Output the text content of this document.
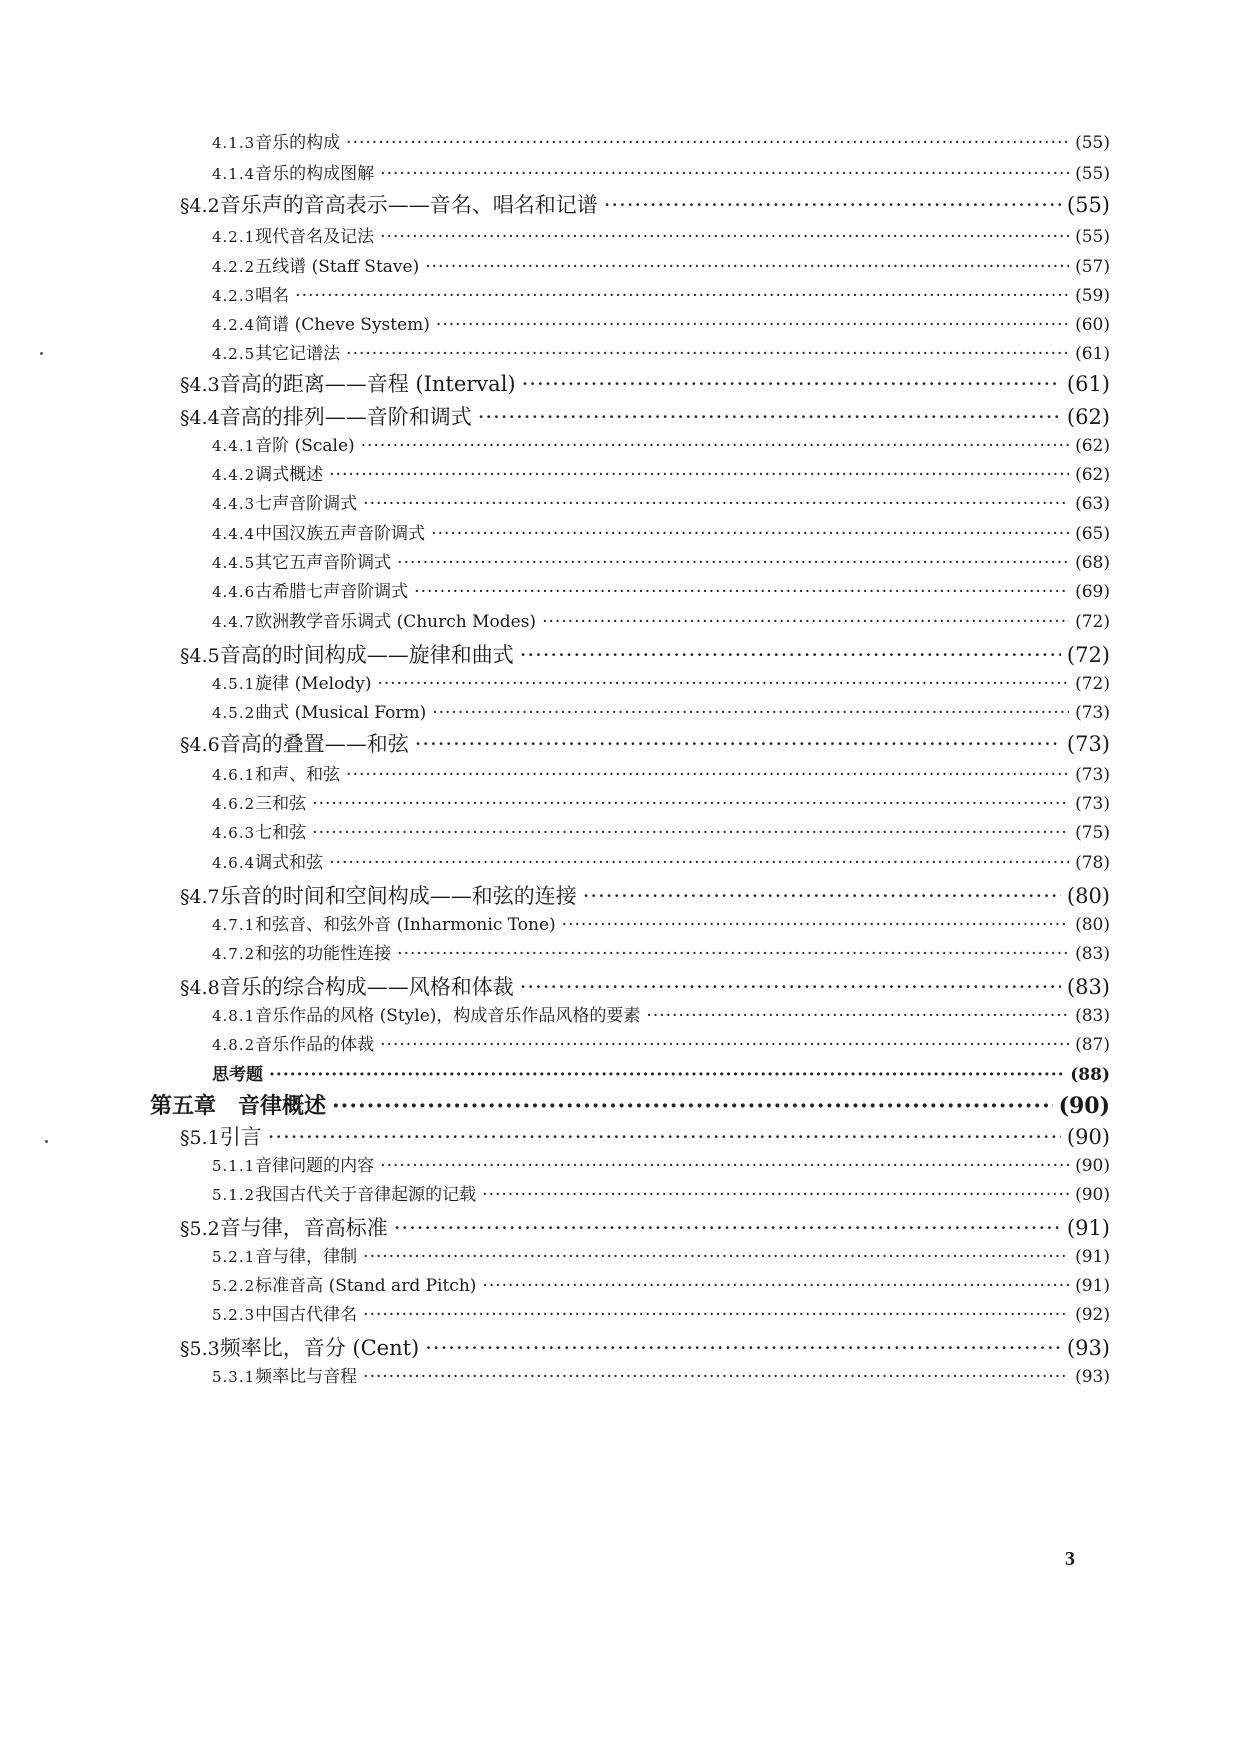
4.1.3 音乐的构成 ·····	(55)
4.1.4 音乐的构成图解 ·····	(55)
§4.2 音乐声的音高表示——音名、唱名和记谱 ·····	(55)
4.2.1 现代音名及记法 ·····	(55)
4.2.2 五线谱 (Staff Stave) ·····	(57)
4.2.3 唱名 ·····	(59)
4.2.4 简谱 (Cheve System) ·····	(60)
4.2.5 其它记谱法 ·····	(61)
§4.3 音高的距离——音程 (Interval) ·····	(61)
§4.4 音高的排列——音阶和调式 ·····	(62)
4.4.1 音阶 (Scale) ·····	(62)
4.4.2 调式概述 ·····	(62)
4.4.3 七声音阶调式 ·····	(63)
4.4.4 中国汉族五声音阶调式 ·····	(65)
4.4.5 其它五声音阶调式 ·····	(68)
4.4.6 古希腊七声音阶调式 ·····	(69)
4.4.7 欧洲教学音乐调式 (Church Modes) ·····	(72)
§4.5 音高的时间构成——旋律和曲式 ·····	(72)
4.5.1 旋律 (Melody) ·····	(72)
4.5.2 曲式 (Musical Form) ·····	(73)
§4.6 音高的叠置——和弦 ·····	(73)
4.6.1 和声、和弦 ·····	(73)
4.6.2 三和弦 ·····	(73)
4.6.3 七和弦 ·····	(75)
4.6.4 调式和弦 ·····	(78)
§4.7 乐音的时间和空间构成——和弦的连接 ·····	(80)
4.7.1 和弦音、和弦外音 (Inharmonic Tone) ·····	(80)
4.7.2 和弦的功能性连接 ·····	(83)
§4.8 音乐的综合构成——风格和体裁 ·····	(83)
4.8.1 音乐作品的风格 (Style)，构成音乐作品风格的要素 ·····	(83)
4.8.2 音乐作品的体裁 ·····	(87)
思考题 ·····	(88)
第五章　音律概述 ·····	(90)
§5.1 引言 ·····	(90)
5.1.1 音律问题的内容 ·····	(90)
5.1.2 我国古代关于音律起源的记载 ·····	(90)
§5.2 音与律，音高标准 ·····	(91)
5.2.1 音与律，律制 ·····	(91)
5.2.2 标准音高 (Stand ard Pitch) ·····	(91)
5.2.3 中国古代律名 ·····	(92)
§5.3 频率比，音分 (Cent) ·····	(93)
5.3.1 频率比与音程 ·····	(93)
3
